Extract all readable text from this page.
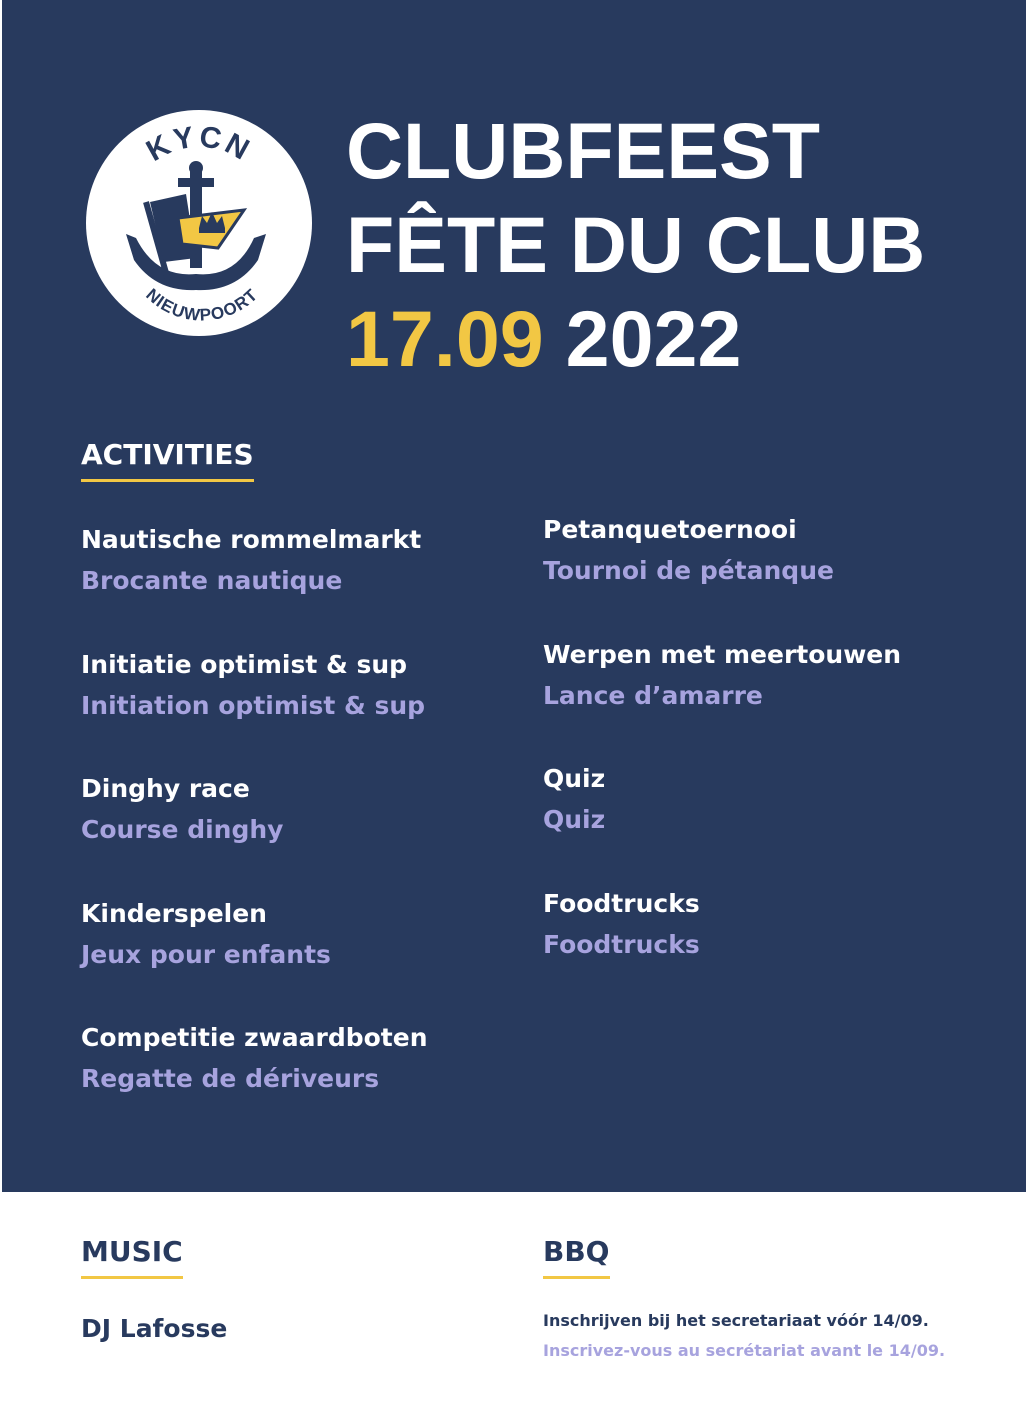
KYCN
NIEUWPOORT
CLUBFEEST
FÊTE DU CLUB
17.09 2022
ACTIVITIES
Nautische rommelmarkt
Brocante nautique
Initiatie optimist & sup
Initiation optimist & sup
Dinghy race
Course dinghy
Kinderspelen
Jeux pour enfants
Competitie zwaardboten
Regatte de dériveurs
Petanquetoernooi
Tournoi de pétanque
Werpen met meertouwen
Lance d’amarre
Quiz
Quiz
Foodtrucks
Foodtrucks
MUSIC
DJ Lafosse
BBQ
Inschrijven bij het secretariaat vóór 14/09.
Inscrivez-vous au secrétariat avant le 14/09.
